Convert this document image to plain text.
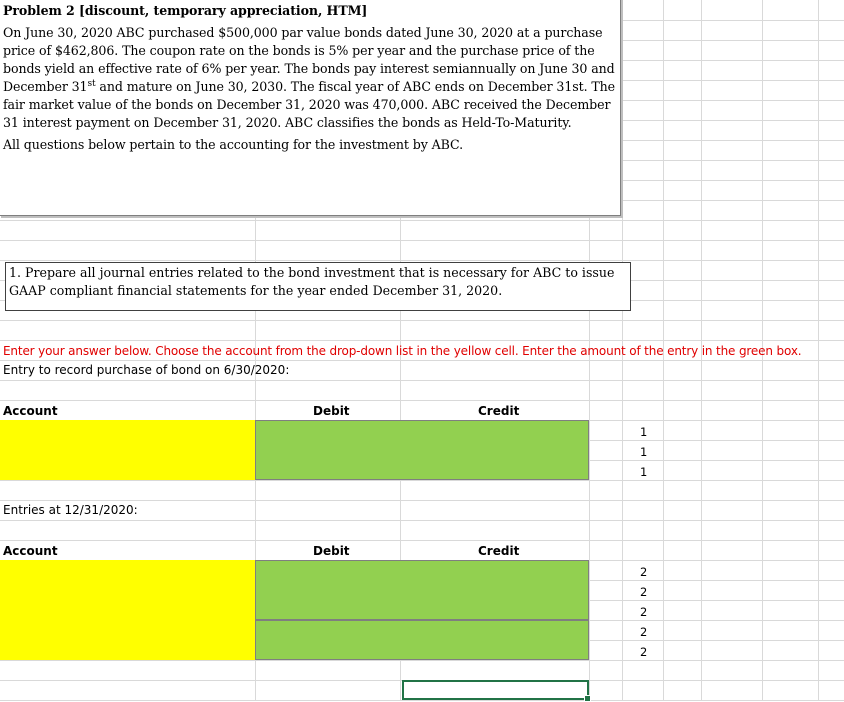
Problem 2 [discount, temporary appreciation, HTM]

On June 30, 2020 ABC purchased $500,000 par value bonds dated June 30, 2020 at a purchase price of $462,806. The coupon rate on the bonds is 5% per year and the purchase price of the bonds yield an effective rate of 6% per year. The bonds pay interest semiannually on June 30 and December 31st and mature on June 30, 2030. The fiscal year of ABC ends on December 31st. The fair market value of the bonds on December 31, 2020 was 470,000. ABC received the December 31 interest payment on December 31, 2020. ABC classifies the bonds as Held-To-Maturity.

All questions below pertain to the accounting for the investment by ABC.

1. Prepare all journal entries related to the bond investment that is necessary for ABC to issue GAAP compliant financial statements for the year ended December 31, 2020.
Enter your answer below. Choose the account from the drop-down list in the yellow cell. Enter the amount of the entry in the green box.
Entry to record purchase of bond on 6/30/2020:
Account	Debit	Credit
1
1
1
Entries at 12/31/2020:
Account	Debit	Credit
2
2
2
2
2
